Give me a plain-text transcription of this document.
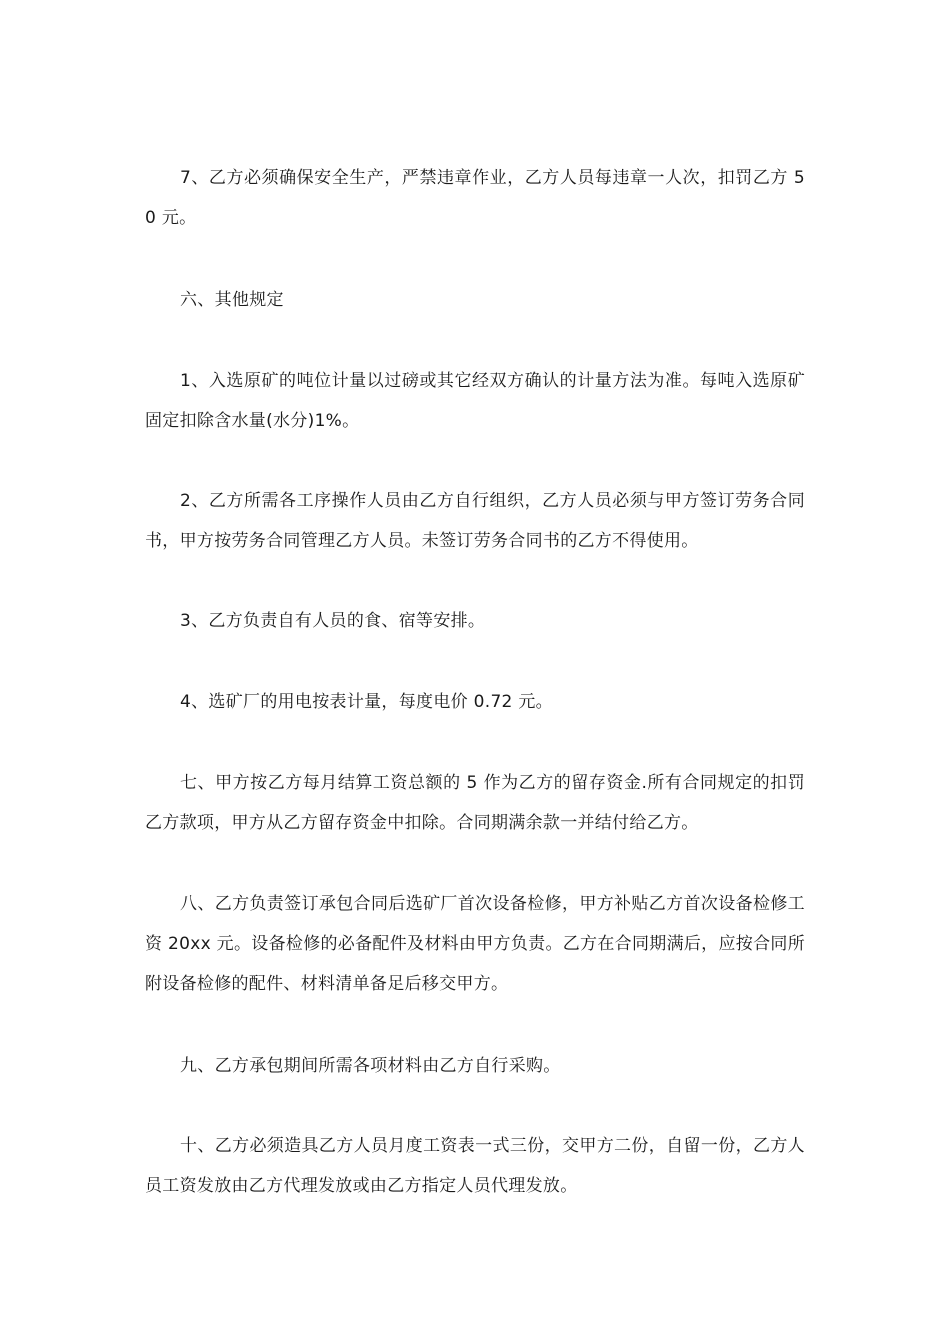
7、乙方必须确保安全生产，严禁违章作业，乙方人员每违章一人次，扣罚乙方 50 元。

六、其他规定

1、入选原矿的吨位计量以过磅或其它经双方确认的计量方法为准。每吨入选原矿固定扣除含水量(水分)1%。

2、乙方所需各工序操作人员由乙方自行组织，乙方人员必须与甲方签订劳务合同书，甲方按劳务合同管理乙方人员。未签订劳务合同书的乙方不得使用。

3、乙方负责自有人员的食、宿等安排。

4、选矿厂的用电按表计量，每度电价 0.72 元。

七、甲方按乙方每月结算工资总额的 5 作为乙方的留存资金.所有合同规定的扣罚乙方款项，甲方从乙方留存资金中扣除。合同期满余款一并结付给乙方。

八、乙方负责签订承包合同后选矿厂首次设备检修，甲方补贴乙方首次设备检修工资 20xx 元。设备检修的必备配件及材料由甲方负责。乙方在合同期满后，应按合同所附设备检修的配件、材料清单备足后移交甲方。

九、乙方承包期间所需各项材料由乙方自行采购。

十、乙方必须造具乙方人员月度工资表一式三份，交甲方二份，自留一份，乙方人员工资发放由乙方代理发放或由乙方指定人员代理发放。
